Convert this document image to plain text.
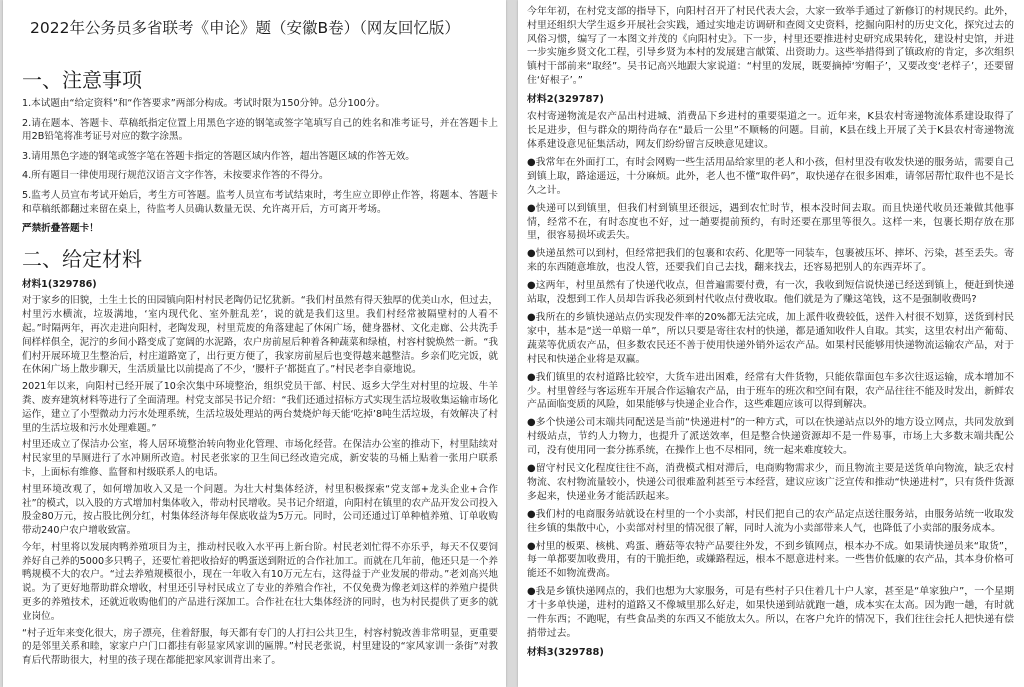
2022年公务员多省联考《申论》题（安徽B卷）（网友回忆版）
一、注意事项

1.本试题由“给定资料”和“作答要求”两部分构成。考试时限为150分钟。总分100分。

2.请在题本、答题卡、草稿纸指定位置上用黑色字迹的钢笔或签字笔填写自己的姓名和准考证号，并在答题卡上用2B铅笔将准考证号对应的数字涂黑。

3.请用黑色字迹的钢笔或签字笔在答题卡指定的答题区域内作答，超出答题区域的作答无效。

4.所有题目一律使用现行规范汉语言文字作答，未按要求作答的不得分。

5.监考人员宣布考试开始后，考生方可答题。监考人员宣布考试结束时，考生应立即停止作答，将题本、答题卡和草稿纸都翻过来留在桌上，待监考人员确认数量无误、允许离开后，方可离开考场。

严禁折叠答题卡！

二、给定材料
材料1(329786)

对于家乡的旧貌，土生土长的田园镇向阳村村民老陶仍记忆犹新。“我们村虽然有得天独厚的优美山水，但过去，村里污水横流，垃圾满地，‘室内现代化、室外脏乱差’，说的就是我们这里。我们村经常被隔壁村的人看不起。”时隔两年，再次走进向阳村，老陶发现，村里荒废的角落建起了休闲广场，健身器材、文化走廊、公共洗手间样样俱全，泥泞的乡间小路变成了宽阔的水泥路，农户房前屋后种着各种蔬菜和绿植，村容村貌焕然一新。“我们村开展环境卫生整治后，村庄道路宽了，出行更方便了，我家房前屋后也变得越来越整洁。乡亲们吃完饭，就在休闲广场上散步聊天，生活质量比以前提高了不少，‘腰杆子’都挺直了。”村民老李自豪地说。

2021年以来，向阳村已经开展了10余次集中环境整治，组织党员干部、村民、返乡大学生对村里的垃圾、牛羊粪、废弃建筑材料等进行了全面清理。村党支部吴书记介绍：“我们还通过招标方式实现生活垃圾收集运输市场化运作，建立了小型微动力污水处理系统，生活垃圾处理站的两台焚烧炉每天能‘吃掉’8吨生活垃圾，有效解决了村里的生活垃圾和污水处理难题。”

村里还成立了保洁办公室，将人居环境整治转向物业化管理、市场化经营。在保洁办公室的推动下，村里陆续对村民家里的旱厕进行了水冲厕所改造。村民老张家的卫生间已经改造完成，新安装的马桶上贴着一张用户联系卡，上面标有维修、监督和村级联系人的电话。

村里环境改观了，如何增加收入又是一个问题。为壮大村集体经济，村里积极探索“党支部+龙头企业+合作社”的模式，以入股的方式增加村集体收入，带动村民增收。吴书记介绍道，向阳村在镇里的农产品开发公司投入股金80万元，按占股比例分红，村集体经济每年保底收益为5万元。同时，公司还通过订单种植养殖、订单收购带动240户农户增收致富。

今年，村里将以发展肉鸭养殖项目为主，推动村民收入水平再上新台阶。村民老刘忙得不亦乐乎，每天不仅要饲养好自己养的5000多只鸭子，还要忙着把收拾好的鸭蛋送到附近的合作社加工。而就在几年前，他还只是一个养鸭规模不大的农户。“过去养殖规模很小，现在一年收入有10万元左右，这得益于产业发展的带动。”老刘高兴地说。为了更好地帮助群众增收，村里还引导村民成立了专业的养殖合作社，不仅免费为像老刘这样的养殖户提供更多的养殖技术，还就近收购他们的产品进行深加工。合作社在壮大集体经济的同时，也为村民提供了更多的就业岗位。

“村子近年来变化很大，房子漂亮，住着舒服，每天都有专门的人打扫公共卫生，村容村貌改善非常明显，更重要的是邻里关系和睦，家家户户门口都挂有彰显家风家训的匾牌。”村民老张说，村里建设的“家风家训一条街”对教育后代帮助很大，村里的孩子现在都能把家风家训背出来了。

今年年初，在村党支部的指导下，向阳村召开了村民代表大会，大家一致举手通过了新修订的村规民约。此外，村里还组织大学生返乡开展社会实践，通过实地走访调研和查阅文史资料，挖掘向阳村的历史文化，探究过去的风俗习惯，编写了一本图文并茂的《向阳村史》。下一步，村里还要推进村史研究成果转化，建设村史馆，并进一步实施乡贤文化工程，引导乡贤为本村的发展建言献策、出资助力。这些举措得到了镇政府的肯定，多次组织镇村干部前来“取经”。吴书记高兴地跟大家说道：“村里的发展，既要摘掉‘穷帽子’，又要改变‘老样子’，还要留住‘好根子’。”

材料2(329787)

农村寄递物流是农产品出村进城、消费品下乡进村的重要渠道之一。近年来，K县农村寄递物流体系建设取得了长足进步，但与群众的期待尚存在“最后一公里”不顺畅的问题。目前，K县在线上开展了关于K县农村寄递物流体系建设意见征集活动，网友们纷纷留言反映意见建议。

●我常年在外面打工，有时会网购一些生活用品给家里的老人和小孩，但村里没有收发快递的服务站，需要自己到镇上取，路途遥远，十分麻烦。此外，老人也不懂“取件码”，取快递存在很多困难，请邻居帮忙取件也不是长久之计。

●快递可以到镇里，但我们村到镇里还很远，遇到农忙时节，根本没时间去取。而且快递代收员还兼做其他事情，经常不在，有时态度也不好，过一趟要提前预约，有时还要在那里等很久。这样一来，包裹长期存放在那里，很容易损坏或丢失。

●快递虽然可以到村，但经常把我们的包裹和农药、化肥等一同装车，包裹被压坏、摔坏、污染，甚至丢失。寄来的东西随意堆放，也没人管，还要我们自己去找，翻来找去，还容易把别人的东西弄坏了。

●这两年，村里虽然有了快递代收点，但普遍需要付费，有一次，我收到短信说快递已经送到镇上，便赶到快递站取，没想到工作人员却告诉我必须到村代收点付费收取。他们就是为了赚这笔钱，这不是强制收费吗?

●我所在的乡镇快递站点仍实现发件率的20%都无法完成，加上派件收费较低，送件入村很不划算，送货到村民家中，基本是“送一单赔一单”，所以只要是寄往农村的快递，都是通知收件人自取。其实，这里农村出产葡萄、蔬菜等优质农产品，但多数农民还不善于使用快递外销外运农产品。如果村民能够用快递物流运输农产品，对于村民和快递企业将是双赢。

●我们镇里的农村道路比较窄，大货车进出困难，经常有大件货物，只能依靠面包车多次往返运输，成本增加不少。村里曾经与客运班车开展合作运输农产品，由于班车的班次和空间有限，农产品往往不能及时发出，新鲜农产品面临变质的风险，如果能够与快递企业合作，这些难题应该可以得到解决。

●多个快递公司末端共同配送是当前“快递进村”的一种方式，可以在快递站点以外的地方设立网点，共同发放到村级站点，节约人力物力，也提升了派送效率，但是整合快递资源却不是一件易事，市场上大多数末端共配公司，没有使用同一套分拣系统，在操作上也不尽相同，统一起来难度较大。

●留守村民文化程度往往不高，消费模式相对滞后，电商购物需求少，而且物流主要是送货单向物流，缺乏农村物流、农村物流量较小，快递公司很难盈利甚至亏本经营，建议应该广泛宣传和推动“快递进村”，只有货件货源多起来，快递业务才能活跃起来。

●我们村的电商服务站就设在村里的一个小卖部，村民们把自己的农产品定点送往服务站，由服务站统一收取发往乡镇的集散中心，小卖部对村里的情况很了解，同时人流为小卖部带来人气，也降低了小卖部的服务成本。

●村里的板栗、核桃、鸡蛋、蘑菇等农特产品要往外发，不到乡镇网点，根本办不成。如果请快递员来“取货”，每一单都要加收费用，有的干脆拒绝，或嫌路程远，根本不愿意进村来。一些售价低廉的农产品，其本身价格可能还不如物流费高。

●我是乡镇快递网点的，我们也想为大家服务，可是有些村子只住着几十户人家，甚至是“单家独户”，一个星期才十多单快递，进村的道路又不像城里那么好走，如果快递到站就跑一趟，成本实在太高。因为跑一趟，有时就一件东西；不跑呢，有些食品类的东西又不能放太久。所以，在客户允许的情况下，我们往往会托人把快递有偿捎带过去。

材料3(329788)
